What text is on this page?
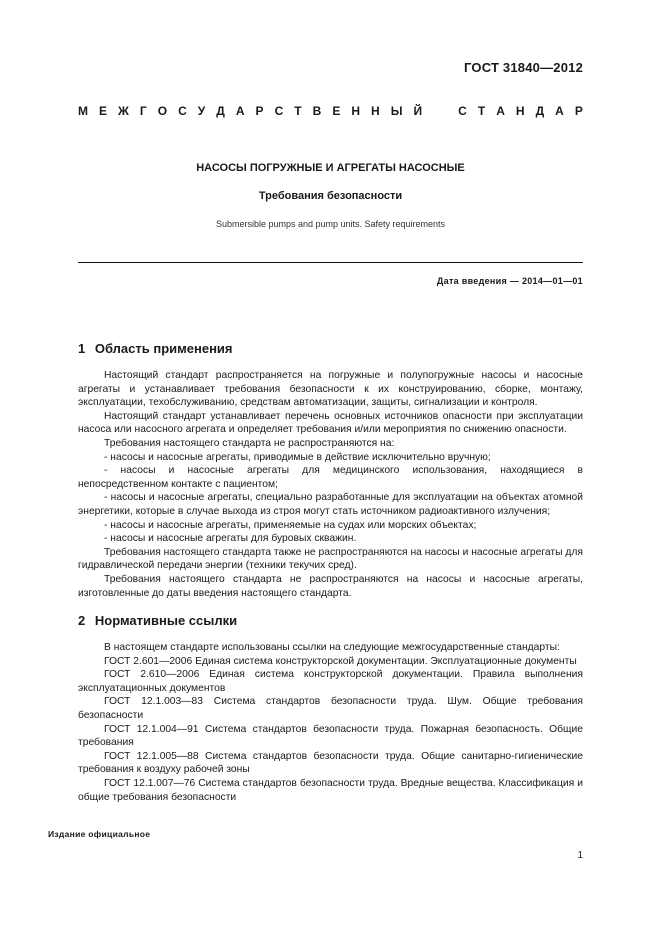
ГОСТ 31840—2012
М Е Ж Г О С У Д А Р С Т В Е Н Н Ы Й	С Т А Н Д А Р
НАСОСЫ ПОГРУЖНЫЕ И АГРЕГАТЫ НАСОСНЫЕ
Требования безопасности
Submersible pumps and pump units. Safety requirements
Дата введения — 2014—01—01
1 Область применения

Настоящий стандарт распространяется на погружные и полупогружные насосы и насосные агрегаты и устанавливает требования безопасности к их конструированию, сборке, монтажу, эксплуатации, техобслуживанию, средствам автоматизации, защиты, сигнализации и контроля.

Настоящий стандарт устанавливает перечень основных источников опасности при эксплуатации насоса или насосного агрегата и определяет требования и/или мероприятия по снижению опасности.

Требования настоящего стандарта не распространяются на:

- насосы и насосные агрегаты, приводимые в действие исключительно вручную;

- насосы и насосные агрегаты для медицинского использования, находящиеся в непосредственном контакте с пациентом;

- насосы и насосные агрегаты, специально разработанные для эксплуатации на объектах атомной энергетики, которые в случае выхода из строя могут стать источником радиоактивного излучения;

- насосы и насосные агрегаты, применяемые на судах или морских объектах;

- насосы и насосные агрегаты для буровых скважин.

Требования настоящего стандарта также не распространяются на насосы и насосные агрегаты для гидравлической передачи энергии (техники текучих сред).

Требования настоящего стандарта не распространяются на насосы и насосные агрегаты, изготовленные до даты введения настоящего стандарта.

2 Нормативные ссылки

В настоящем стандарте использованы ссылки на следующие межгосударственные стандарты:

ГОСТ 2.601—2006 Единая система конструкторской документации. Эксплуатационные документы

ГОСТ 2.610—2006 Единая система конструкторской документации. Правила выполнения эксплуатационных документов

ГОСТ 12.1.003—83 Система стандартов безопасности труда. Шум. Общие требования безопасности

ГОСТ 12.1.004—91 Система стандартов безопасности труда. Пожарная безопасность. Общие требования

ГОСТ 12.1.005—88 Система стандартов безопасности труда. Общие санитарно-гигиенические требования к воздуху рабочей зоны

ГОСТ 12.1.007—76 Система стандартов безопасности труда. Вредные вещества. Классификация и общие требования безопасности

Издание официальное
1
